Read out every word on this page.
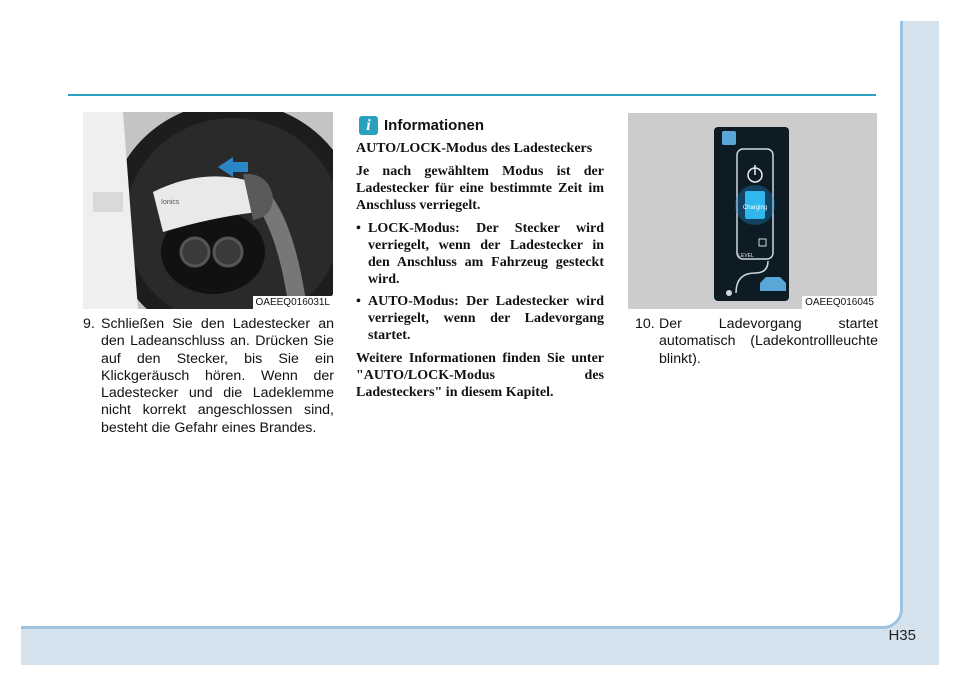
Ionics
OAEEQ016031L
9. Schließen Sie den Ladestecker an den Ladeanschluss an. Drücken Sie auf den Stecker, bis Sie ein Klickgeräusch hören. Wenn der Ladestecker und die Ladeklemme nicht korrekt angeschlossen sind, besteht die Gefahr eines Brandes.
i Informationen

AUTO/LOCK-Modus des Ladesteckers

Je nach gewähltem Modus ist der Ladestecker für eine bestimmte Zeit im Anschluss verriegelt.

• LOCK-Modus: Der Stecker wird verriegelt, wenn der Ladestecker in den Anschluss am Fahrzeug gesteckt wird.
• AUTO-Modus: Der Ladestecker wird verriegelt, wenn der Ladevorgang startet.

Weitere Informationen finden Sie unter "AUTO/LOCK-Modus des Ladesteckers" in diesem Kapitel.

Charging
LEVEL
OAEEQ016045
10. Der Ladevorgang startet automatisch (Ladekontrollleuchte blinkt).
H35
